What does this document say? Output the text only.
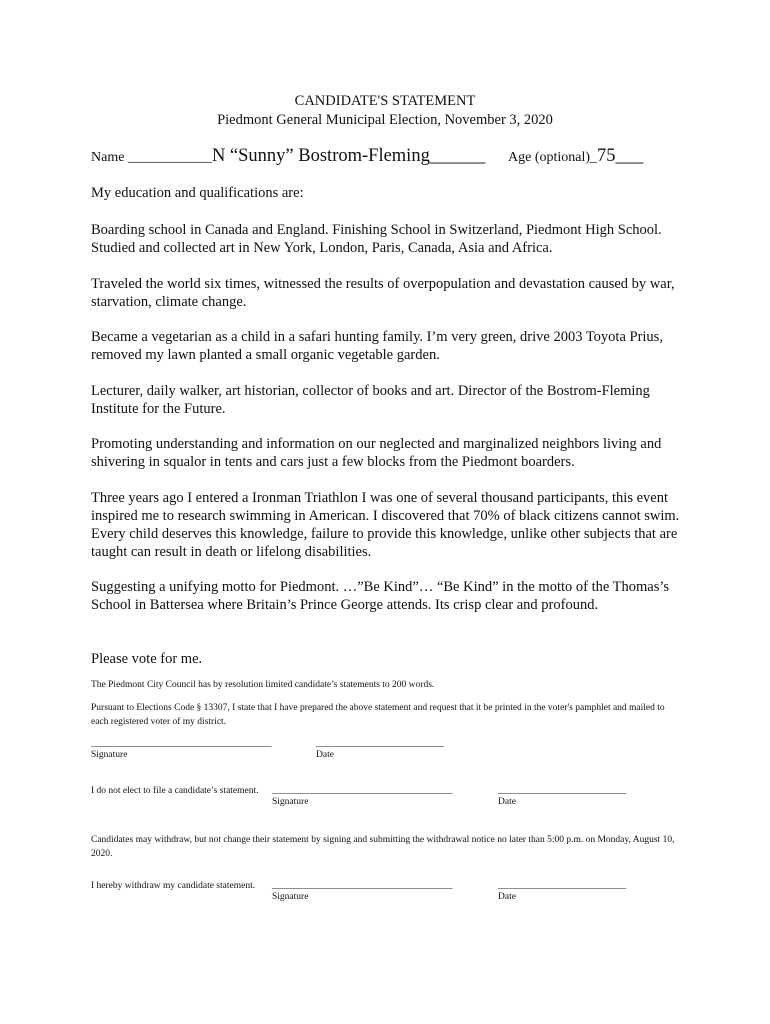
CANDIDATE'S STATEMENT
Piedmont General Municipal Election, November 3, 2020
Name ____________N “Sunny” Bostrom-Fleming______ Age (optional)_75___
My education and qualifications are:
Boarding school in Canada and England. Finishing School in Switzerland, Piedmont High School. Studied and collected art in New York, London, Paris, Canada, Asia and Africa.
Traveled the world six times, witnessed the results of overpopulation and devastation caused by war, starvation, climate change.
Became a vegetarian as a child in a safari hunting family. I’m very green, drive 2003 Toyota Prius, removed my lawn planted a small organic vegetable garden.
Lecturer, daily walker, art historian, collector of books and art. Director of the Bostrom-Fleming Institute for the Future.
Promoting understanding and information on our neglected and marginalized neighbors living and shivering in squalor in tents and cars just a few blocks from the Piedmont boarders.
Three years ago I entered a Ironman Triathlon I was one of several thousand participants, this event inspired me to research swimming in American. I discovered that 70% of black citizens cannot swim. Every child deserves this knowledge, failure to provide this knowledge, unlike other subjects that are taught can result in death or lifelong disabilities.
Suggesting a unifying motto for Piedmont. …”Be Kind”… “Be Kind” in the motto of the Thomas’s School in Battersea where Britain’s Prince George attends. Its crisp clear and profound.
Please vote for me.
The Piedmont City Council has by resolution limited candidate’s statements to 200 words.
Pursuant to Elections Code § 13307, I state that I have prepared the above statement and request that it be printed in the voter's pamphlet and mailed to each registered voter of my district.
______________________________________
Signature
___________________________
Date
I do not elect to file a candidate’s statement. ______________________________________
Signature
___________________________
Date
Candidates may withdraw, but not change their statement by signing and submitting the withdrawal notice no later than 5:00 p.m. on Monday, August 10, 2020.
I hereby withdraw my candidate statement. ______________________________________
Signature
___________________________
Date
